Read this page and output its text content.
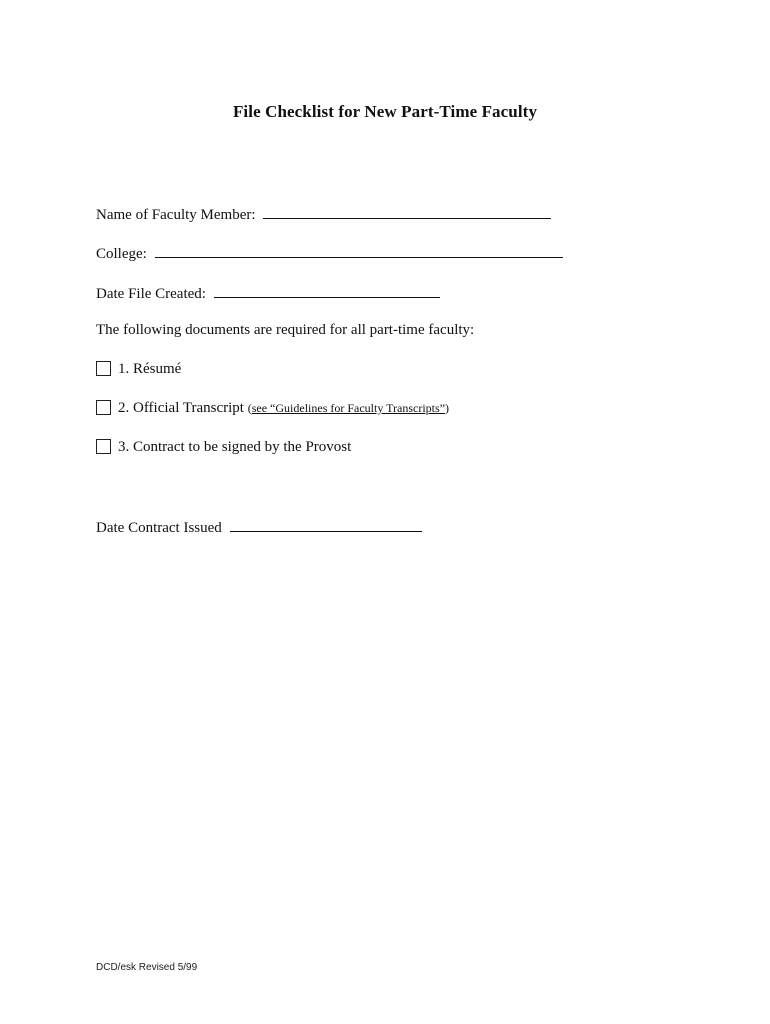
File Checklist for New Part-Time Faculty
Name of Faculty Member:
College:
Date File Created:
The following documents are required for all part-time faculty:
1. Résumé
2. Official Transcript (see “Guidelines for Faculty Transcripts”)
3. Contract to be signed by the Provost
Date Contract Issued
DCD/esk Revised 5/99
